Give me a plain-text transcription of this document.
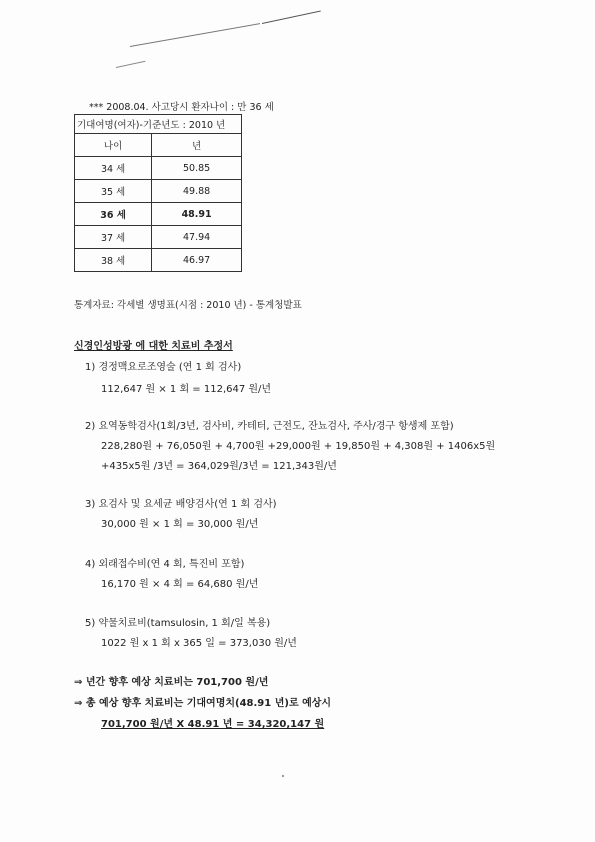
*** 2008.04. 사고당시 환자나이 : 만 36 세
기대여명(여자)-기준년도 : 2010 년	
나이	년
34 세	50.85
35 세	49.88
36 세	48.91
37 세	47.94
38 세	46.97
통계자료: 각세별 생명표(시점 : 2010 년) - 통계청발표
신경인성방광 에 대한 치료비 추정서
1) 경정맥요로조영술 (연 1 회 검사)
112,647 원 × 1 회 = 112,647 원/년
2) 요역동학검사(1회/3년, 검사비, 카테터, 근전도, 잔뇨검사, 주사/경구 항생제 포함)
228,280원 + 76,050원 + 4,700원 +29,000원 + 19,850원 + 4,308원 + 1406x5원
+435x5원 /3년 = 364,029원/3년 = 121,343원/년
3) 요검사 및 요세균 배양검사(연 1 회 검사)
30,000 원 × 1 회 = 30,000 원/년
4) 외래접수비(연 4 회, 특진비 포함)
16,170 원 × 4 회 = 64,680 원/년
5) 약물치료비(tamsulosin, 1 회/일 복용)
1022 원 x 1 회 x 365 일 = 373,030 원/년
⇒ 년간 향후 예상 치료비는 701,700 원/년
⇒ 총 예상 향후 치료비는 기대여명치(48.91 년)로 예상시
701,700 원/년 X 48.91 년 = 34,320,147 원
